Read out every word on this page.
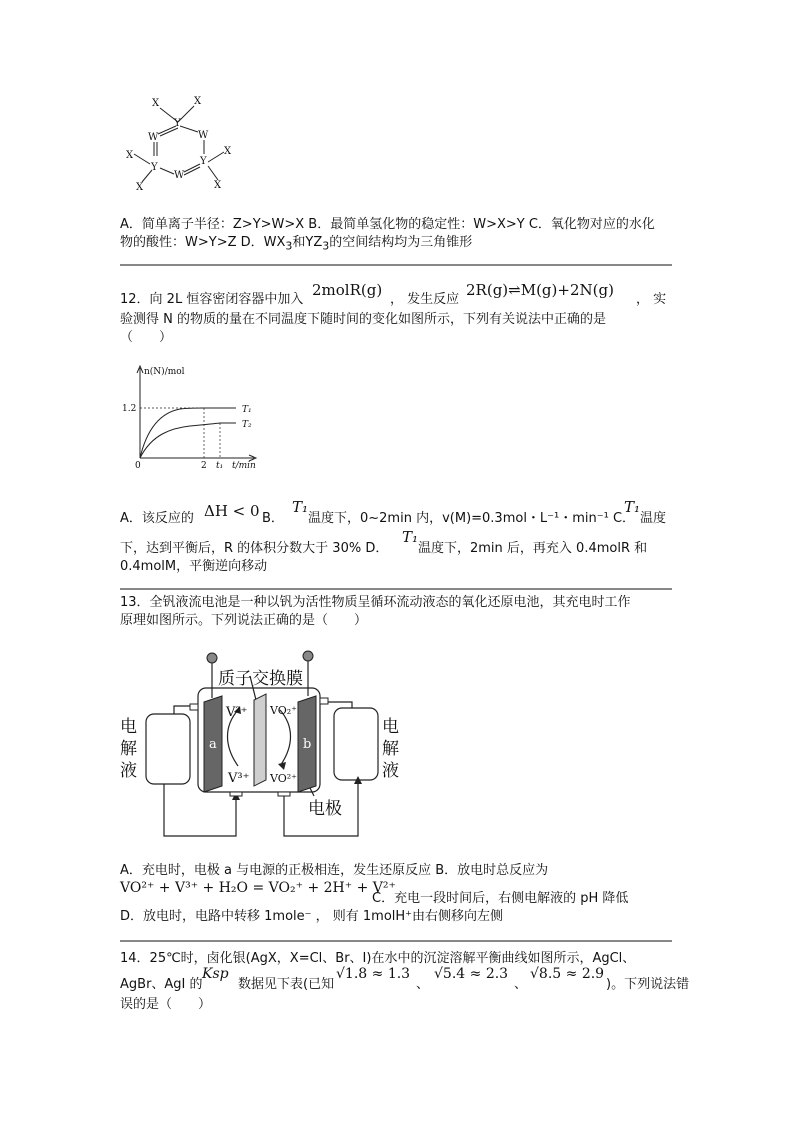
X	X
Y
W	W
X
Y
W
Y
X
X	X
A．简单离子半径：Z>Y>W>X B．最简单氢化物的稳定性：W>X>Y C．氧化物对应的水化
物的酸性：W>Y>Z D．$WX_3$和$YZ_3$的空间结构均为三角锥形
12．向 2L 恒容密闭容器中加入
2molR(g)
， 发生反应
2R(g)⇌M(g)+2N(g)
， 实
验测得 N 的物质的量在不同温度下随时间的变化如图所示，下列有关说法中正确的是
（　　）
n(N)/mol
1.2
0	2 t₁ t/min
T₁
T₂
A．该反应的 ΔH < 0 B．
T₁
温度下，0~2min 内，v(M)=0.3mol・L⁻¹・min⁻¹ C．
T₁
温度
下，达到平衡后，R 的体积分数大于 30% D．
T₁
温度下，2min 后，再充入 0.4molR 和
0.4molM，平衡逆向移动
13．全钒液流电池是一种以钒为活性物质呈循环流动液态的氧化还原电池，其充电时工作
原理如图所示。下列说法正确的是（　　）
质子交换膜
V²⁺ VO₂⁺
V³⁺ VO²⁺
a	b
电极
电解液
电解液
A．充电时，电极 a 与电源的正极相连，发生还原反应 B．放电时总反应为
VO²⁺ + V³⁺ + H₂O = VO₂⁺ + 2H⁺ + V²⁺
C．充电一段时间后，右侧电解液的 pH 降低
D．放电时，电路中转移 1mole⁻ ， 则有 1molH⁺由右侧移向左侧
14．25℃时，卤化银(AgX，X=Cl、Br、I)在水中的沉淀溶解平衡曲线如图所示，AgCl、
AgBr、AgI 的
Ksp
数据见下表(已知
√1.8 ≈ 1.3
、
√5.4 ≈ 2.3
、
√8.5 ≈ 2.9
)。下列说法错
误的是（　　）
